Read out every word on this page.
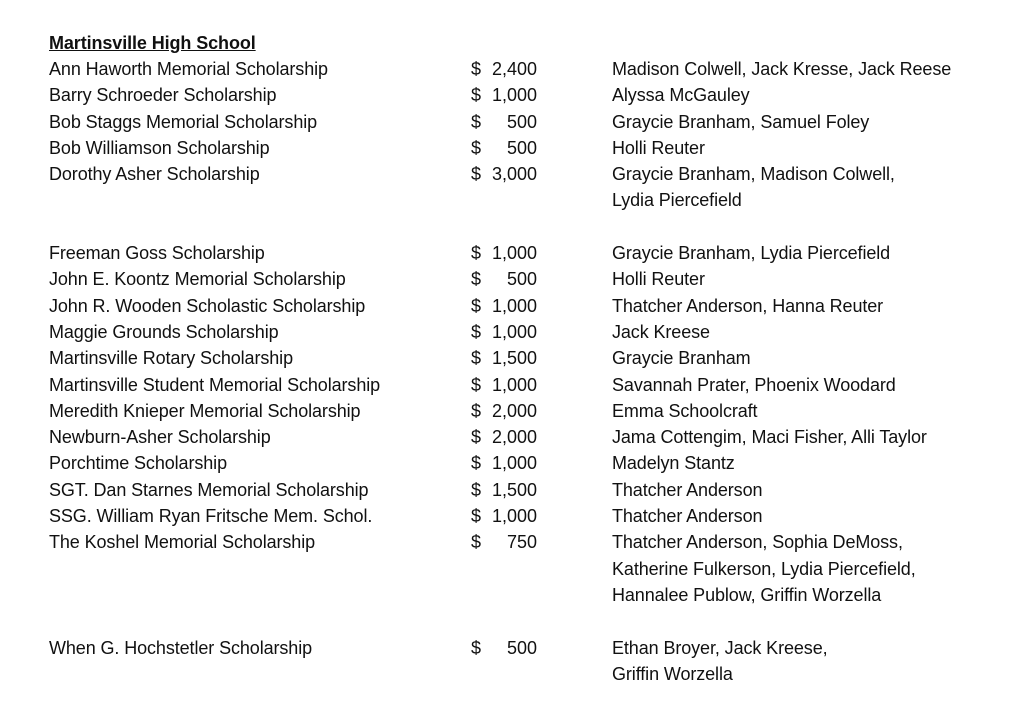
Martinsville High School
Ann Haworth Memorial Scholarship	$ 2,400	Madison Colwell, Jack Kresse, Jack Reese
Barry Schroeder Scholarship	$ 1,000	Alyssa McGauley
Bob Staggs Memorial Scholarship	$ 500	Graycie Branham, Samuel Foley
Bob Williamson Scholarship	$ 500	Holli Reuter
Dorothy Asher Scholarship	$ 3,000	Graycie Branham, Madison Colwell,
Lydia Piercefield
Freeman Goss Scholarship	$ 1,000	Graycie Branham, Lydia Piercefield
John E. Koontz Memorial Scholarship	$ 500	Holli Reuter
John R. Wooden Scholastic Scholarship	$ 1,000	Thatcher Anderson, Hanna Reuter
Maggie Grounds Scholarship	$ 1,000	Jack Kreese
Martinsville Rotary Scholarship	$ 1,500	Graycie Branham
Martinsville Student Memorial Scholarship	$ 1,000	Savannah Prater, Phoenix Woodard
Meredith Knieper Memorial Scholarship	$ 2,000	Emma Schoolcraft
Newburn-Asher Scholarship	$ 2,000	Jama Cottengim, Maci Fisher, Alli Taylor
Porchtime Scholarship	$ 1,000	Madelyn Stantz
SGT. Dan Starnes Memorial Scholarship	$ 1,500	Thatcher Anderson
SSG. William Ryan Fritsche Mem. Schol.	$ 1,000	Thatcher Anderson
The Koshel Memorial Scholarship	$ 750	Thatcher Anderson, Sophia DeMoss,
Katherine Fulkerson, Lydia Piercefield,
Hannalee Publow, Griffin Worzella
When G. Hochstetler Scholarship	$ 500	Ethan Broyer, Jack Kreese,
Griffin Worzella
